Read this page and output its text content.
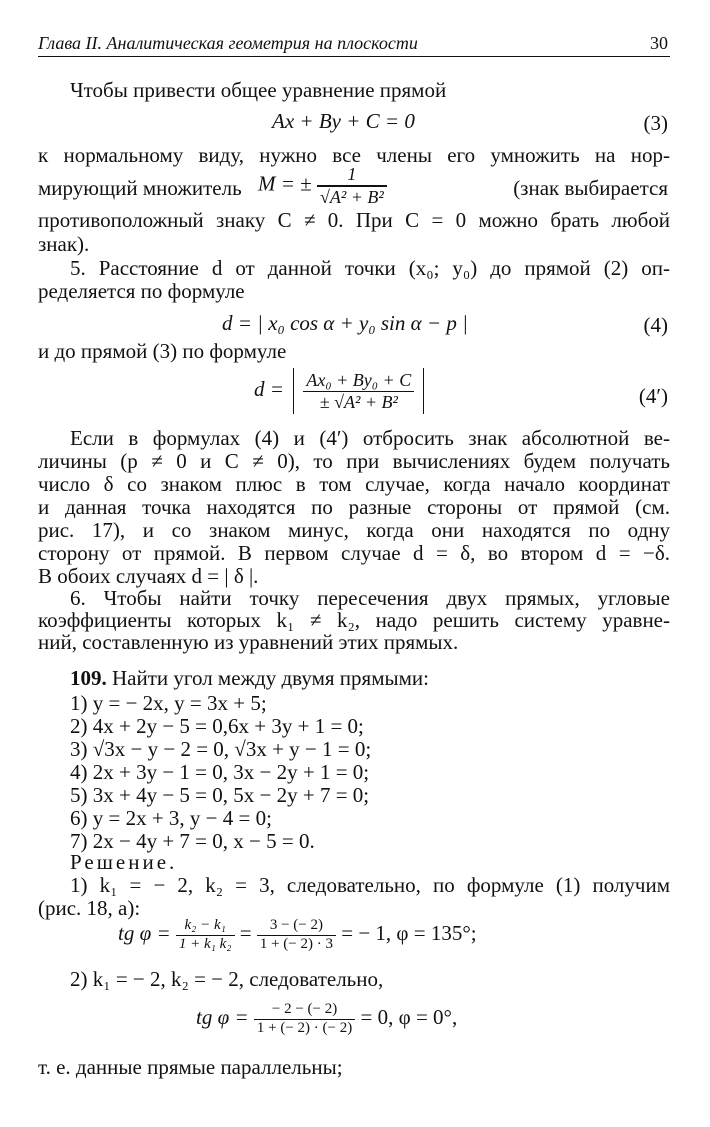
Глава II. Аналитическая геометрия на плоскости	30
Чтобы привести общее уравнение прямой
Ax + By + C = 0	(3)
к нормальному виду, нужно все члены его умножить на нор-
мирующий множитель M = ± $\frac{1}{\text{√A² + B²}}$	(знак выбирается
противоположный знаку C ≠ 0. При C = 0 можно брать любой
знак).
5. Расстояние d от данной точки (x₀; y₀) до прямой (2) оп-
ределяется по формуле
d = | x₀ cos α + y₀ sin α − p |	(4)
и до прямой (3) по формуле
$d = \frac{\text{Ax₀ + By₀ + C}}{\text{± √A² + B²}}$
	(4′)
Если в формулах (4) и (4′) отбросить знак абсолютной ве-
личины (p ≠ 0 и C ≠ 0), то при вычислениях будем получать
число δ со знаком плюс в том случае, когда начало координат
и данная точка находятся по разные стороны от прямой (см.
рис. 17), и со знаком минус, когда они находятся по одну
сторону от прямой. В первом случае d = δ, во втором d = −δ.
В обоих случаях d = | δ |.
6. Чтобы найти точку пересечения двух прямых, угловые
коэффициенты которых k₁ ≠ k₂, надо решить систему уравне-
ний, составленную из уравнений этих прямых.
109. Найти угол между двумя прямыми:
1) y = − 2x, y = 3x + 5;
2) 4x + 2y − 5 = 0,6x + 3y + 1 = 0;
3) √3x − y − 2 = 0, √3x + y − 1 = 0;
4) 2x + 3y − 1 = 0, 3x − 2y + 1 = 0;
5) 3x + 4y − 5 = 0, 5x − 2y + 7 = 0;
6) y = 2x + 3, y − 4 = 0;
7) 2x − 4y + 7 = 0, x − 5 = 0.
Решение.
1) k₁ = − 2, k₂ = 3, следовательно, по формуле (1) получим
(рис. 18, a):
tg $\varphi = \frac{\text{k₂ − k₁}}{\text{1 + k₁ k₂}} = \frac{3 - (- 2)}{1 + (- 2) \cdot 3}$ = − 1, φ = 135°;
2) k₁ = − 2, k₂ = − 2, следовательно,
tg $\varphi = \frac{- 2 - (- 2)}{1 + (- 2) \cdot (- 2)} = 0$, φ = 0°,
т. е. данные прямые параллельны;
